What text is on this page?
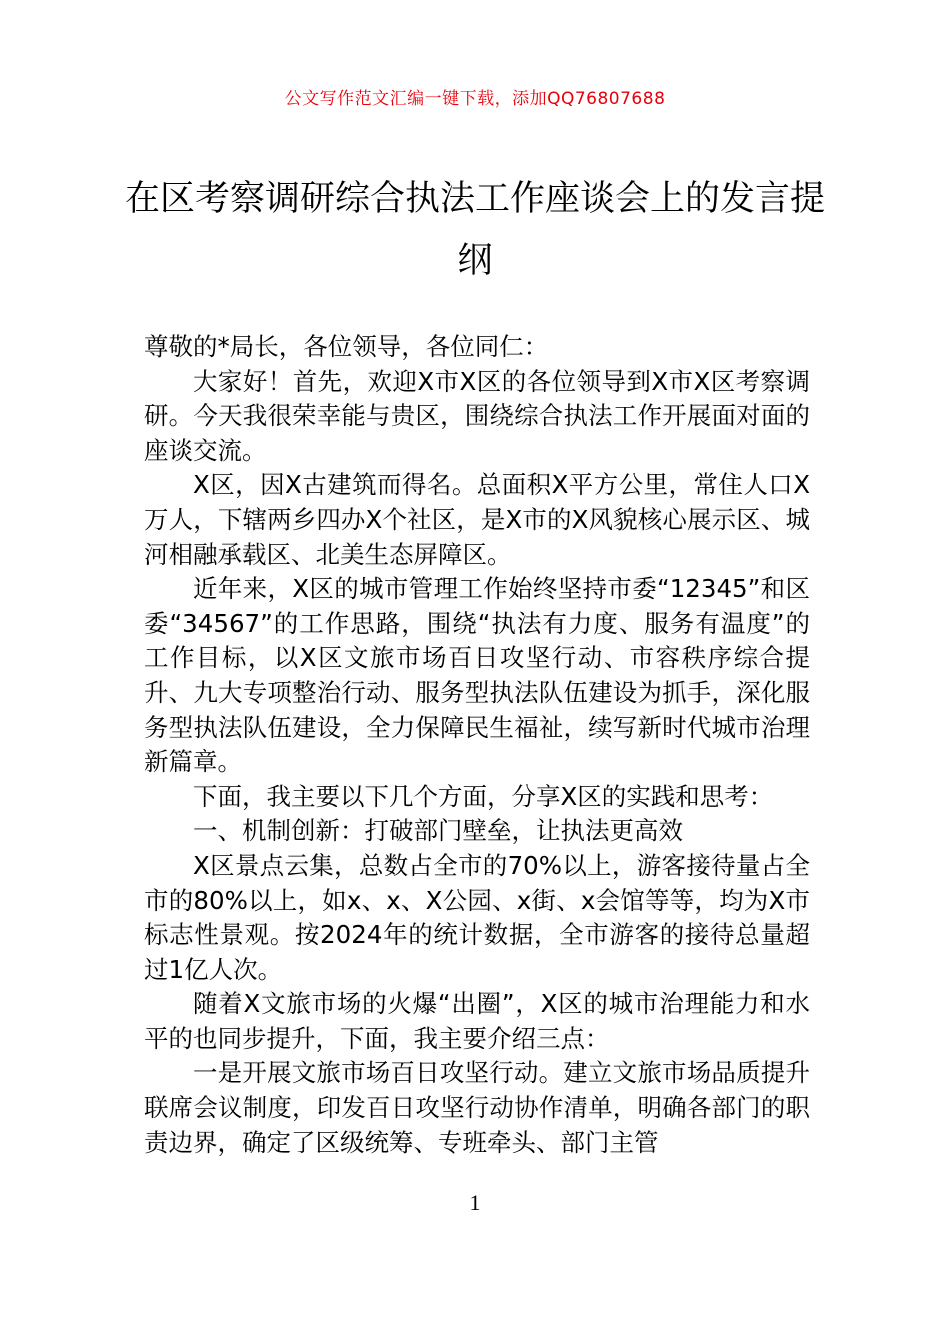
公文写作范文汇编一键下载，添加QQ76807688
在区考察调研综合执法工作座谈会上的发言提纲

尊敬的*局长，各位领导，各位同仁：

大家好！首先，欢迎X市X区的各位领导到X市X区考察调研。今天我很荣幸能与贵区，围绕综合执法工作开展面对面的座谈交流。

X区，因X古建筑而得名。总面积X平方公里，常住人口X万人，下辖两乡四办X个社区，是X市的X风貌核心展示区、城河相融承载区、北美生态屏障区。

近年来，X区的城市管理工作始终坚持市委“12345”和区委“34567”的工作思路，围绕“执法有力度、服务有温度”的工作目标，以X区文旅市场百日攻坚行动、市容秩序综合提升、九大专项整治行动、服务型执法队伍建设为抓手，深化服务型执法队伍建设，全力保障民生福祉，续写新时代城市治理新篇章。

下面，我主要以下几个方面，分享X区的实践和思考：

一、机制创新：打破部门壁垒，让执法更高效

X区景点云集，总数占全市的70%以上，游客接待量占全市的80%以上，如x、x、X公园、x街、x会馆等等，均为X市标志性景观。按2024年的统计数据，全市游客的接待总量超过1亿人次。

随着X文旅市场的火爆“出圈”，X区的城市治理能力和水平的也同步提升，下面，我主要介绍三点：

一是开展文旅市场百日攻坚行动。建立文旅市场品质提升联席会议制度，印发百日攻坚行动协作清单，明确各部门的职责边界，确定了区级统筹、专班牵头、部门主管

1
